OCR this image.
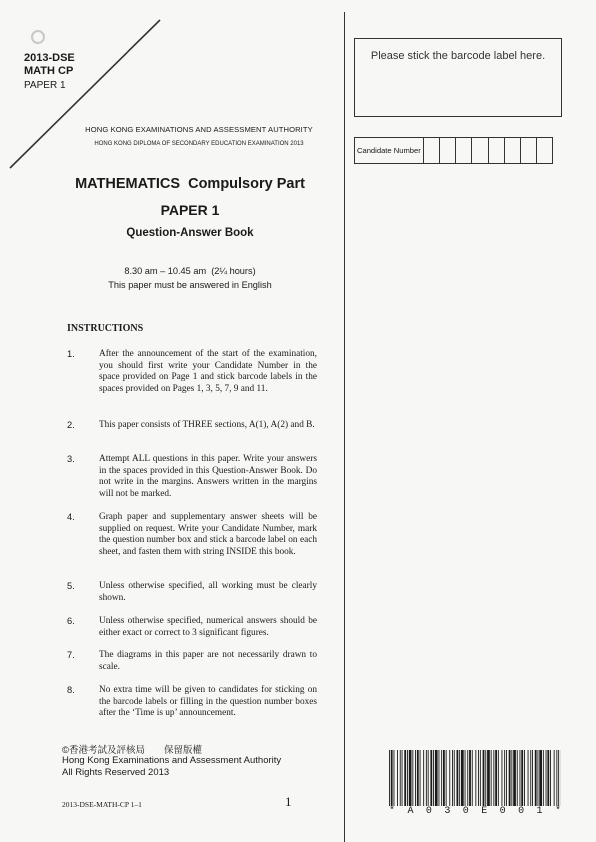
2013-DSE
MATH CP
PAPER 1
HONG KONG EXAMINATIONS AND ASSESSMENT AUTHORITY
HONG KONG DIPLOMA OF SECONDARY EDUCATION EXAMINATION 2013
MATHEMATICS  Compulsory Part
PAPER 1
Question-Answer Book
8.30 am – 10.45 am  (2¼ hours)
This paper must be answered in English
INSTRUCTIONS
1.	After the announcement of the start of the examination, you should first write your Candidate Number in the space provided on Page 1 and stick barcode labels in the spaces provided on Pages 1, 3, 5, 7, 9 and 11.
2.	This paper consists of THREE sections, A(1), A(2) and B.
3.	Attempt ALL questions in this paper. Write your answers in the spaces provided in this Question-Answer Book. Do not write in the margins. Answers written in the margins will not be marked.
4.	Graph paper and supplementary answer sheets will be supplied on request. Write your Candidate Number, mark the question number box and stick a barcode label on each sheet, and fasten them with string INSIDE this book.
5.	Unless otherwise specified, all working must be clearly shown.
6.	Unless otherwise specified, numerical answers should be either exact or correct to 3 significant figures.
7.	The diagrams in this paper are not necessarily drawn to scale.
8.	No extra time will be given to candidates for sticking on the barcode labels or filling in the question number boxes after the ‘Time is up’ announcement.
©香港考試及評核局　　保留版權
Hong Kong Examinations and Assessment Authority
All Rights Reserved 2013
2013-DSE-MATH-CP 1–1	1
Please stick the barcode label here.
Candidate Number
* A 0 3 0 E 0 0 1 *
